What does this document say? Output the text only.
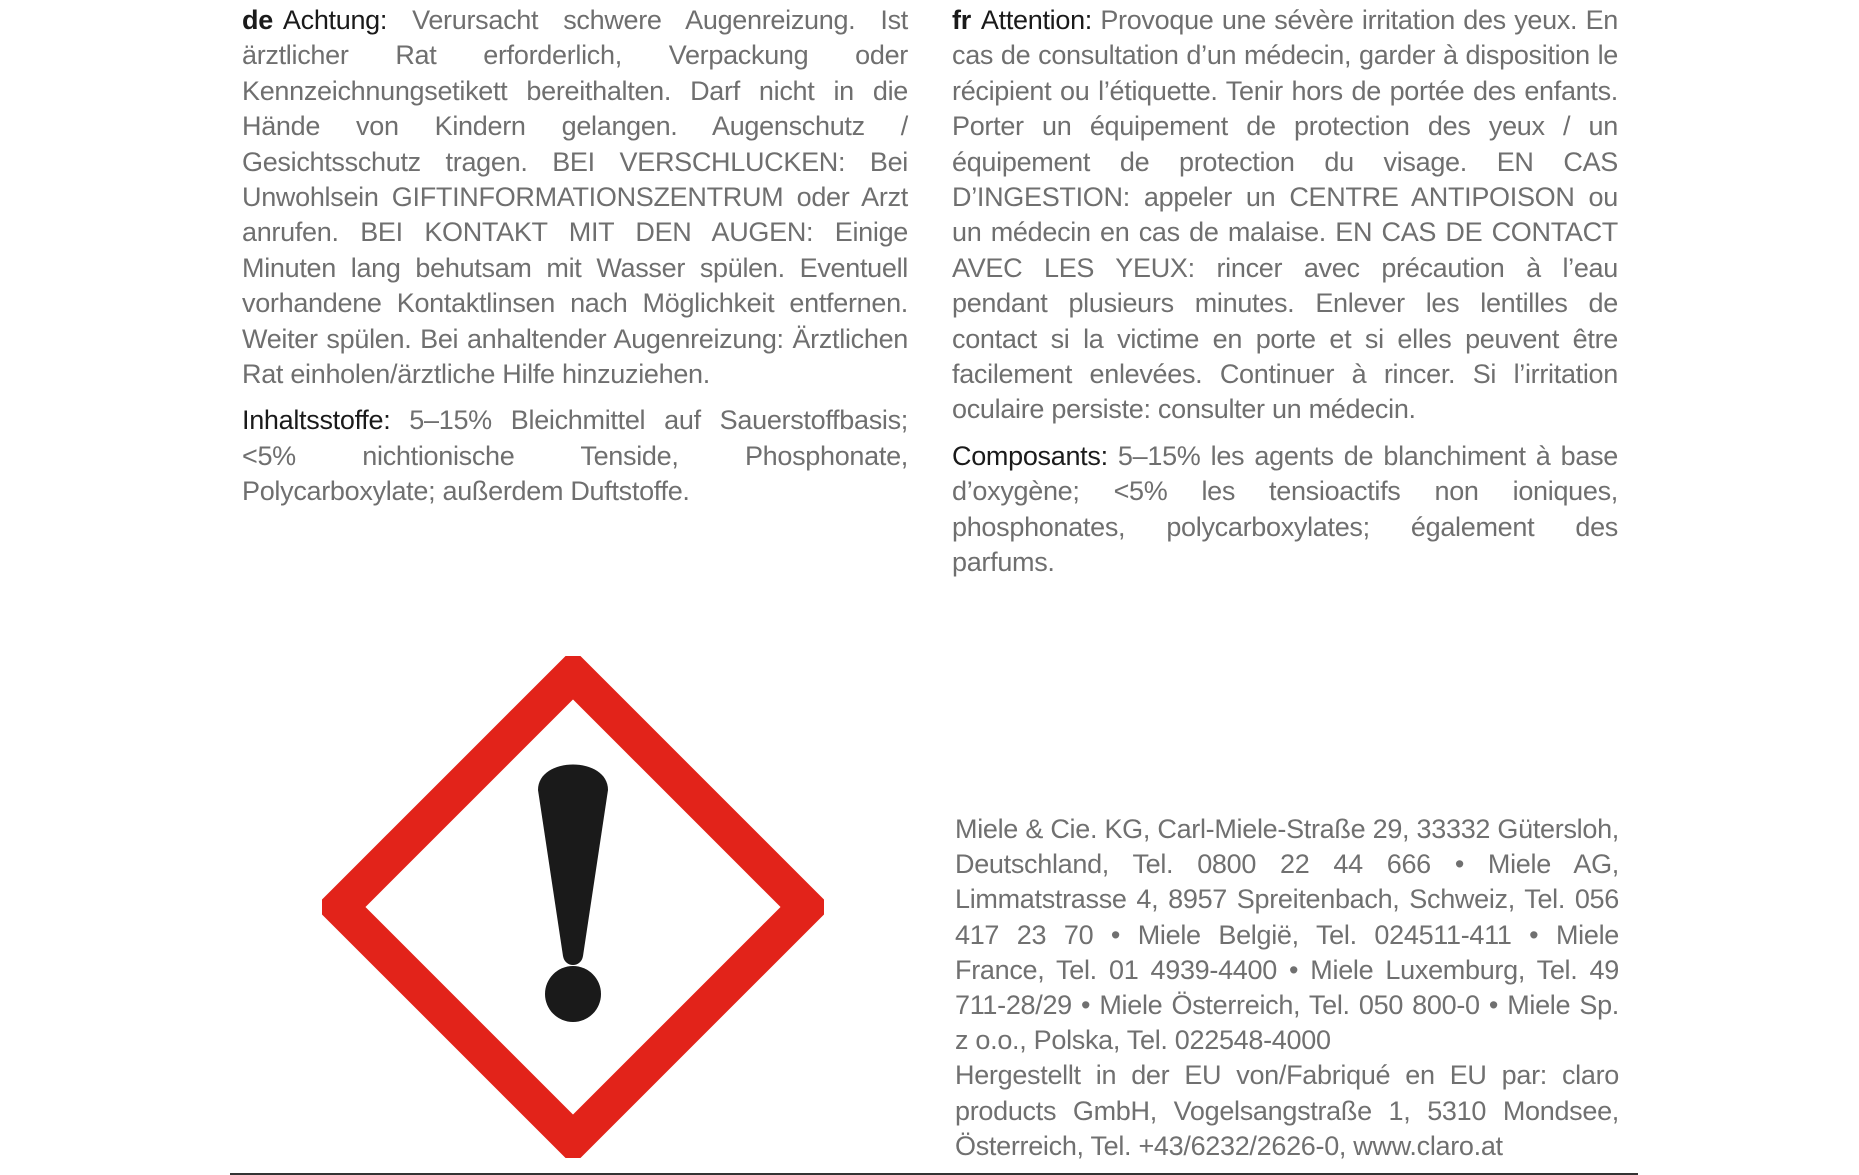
de Achtung: Verursacht schwere Augenreizung. Ist ärztlicher Rat erforderlich, Verpackung oder Kennzeichnungsetikett bereithalten. Darf nicht in die Hände von Kindern gelangen. Augenschutz / Gesichtsschutz tragen. BEI VERSCHLUCKEN: Bei Unwohlsein GIFTINFORMATIONSZENTRUM oder Arzt anrufen. BEI KONTAKT MIT DEN AUGEN: Einige Minuten lang behutsam mit Wasser spülen. Eventuell vorhandene Kontaktlinsen nach Möglichkeit entfernen. Weiter spülen. Bei anhaltender Augenreizung: Ärztlichen Rat einholen/ärztliche Hilfe hinzuziehen.

Inhaltsstoffe: 5–15% Bleichmittel auf Sauerstoffbasis; <5% nichtionische Tenside, Phosphonate, Polycarboxylate; außerdem Duftstoffe.

fr Attention: Provoque une sévère irritation des yeux. En cas de consultation d’un médecin, garder à disposition le récipient ou l’étiquette. Tenir hors de portée des enfants. Porter un équipement de protection des yeux / un équipement de protection du visage. EN CAS D’INGESTION: appeler un CENTRE ANTIPOISON ou un médecin en cas de malaise. EN CAS DE CONTACT AVEC LES YEUX: rincer avec précaution à l’eau pendant plusieurs minutes. Enlever les lentilles de contact si la victime en porte et si elles peuvent être facilement enlevées. Continuer à rincer. Si l’irritation oculaire persiste: consulter un médecin.

Composants: 5–15% les agents de blanchiment à base d’oxygène; <5% les tensioactifs non ioniques, phosphonates, polycarboxylates; également des parfums.

Miele & Cie. KG, Carl-Miele-Straße 29, 33332 Gütersloh, Deutschland, Tel. 0800 22 44 666 • Miele AG, Limmatstrasse 4, 8957 Spreitenbach, Schweiz, Tel. 056 417 23 70 • Miele België, Tel. 024511-411 • Miele France, Tel. 01 4939-4400 • Miele Luxemburg, Tel. 49 711-28/29 • Miele Österreich, Tel. 050 800-0 • Miele Sp. z o.o., Polska, Tel. 022548-4000

Hergestellt in der EU von/Fabriqué en EU par: claro products GmbH, Vogelsangstraße 1, 5310 Mondsee, Österreich, Tel. +43/6232/2626-0, www.claro.at
